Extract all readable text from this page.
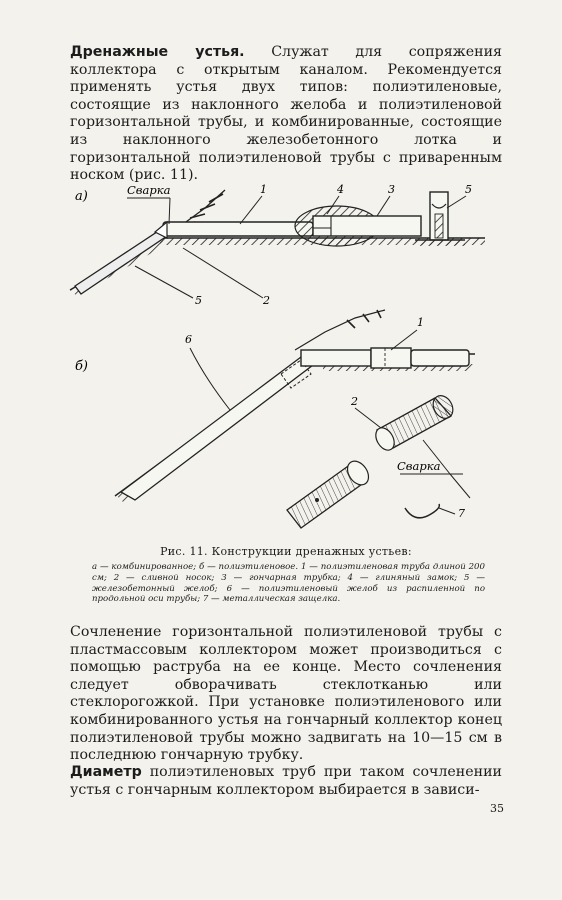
Дренажные устья. Служат для сопряжения коллектора с открытым каналом. Рекомендуется применять устья двух типов: полиэтиленовые, состоящие из наклонного желоба и полиэтиленовой горизонтальной трубы, и комбинированные, состоящие из наклонного железобетонного лотка и горизонтальной полиэтиленовой трубы с приваренным носком (рис. 11).

а)	Сварка	1	4	3	5
5	2
б)
6
1
2
Сварка
7
Рис. 11. Конструкции дренажных устьев:
а — комбинированное; б — полиэтиленовое. 1 — полиэтиленовая труба длиной 200 см; 2 — сливной носок; 3 — гончарная трубка; 4 — глиняный замок; 5 — железобетонный желоб; 6 — полиэтиленовый желоб из распиленной по продольной оси трубы; 7 — металлическая защелка.

Сочленение горизонтальной полиэтиленовой трубы с пластмассовым коллектором может производиться с помощью раструба на ее конце. Место сочленения следует обворачивать стеклотканью или стеклорогожкой. При установке полиэтиленового или комбинированного устья на гончарный коллектор конец полиэтиленовой трубы можно задвигать на 10—15 см в последнюю гончарную трубку.

Диаметр полиэтиленовых труб при таком сочленении устья с гончарным коллектором выбирается в зависи-

35
